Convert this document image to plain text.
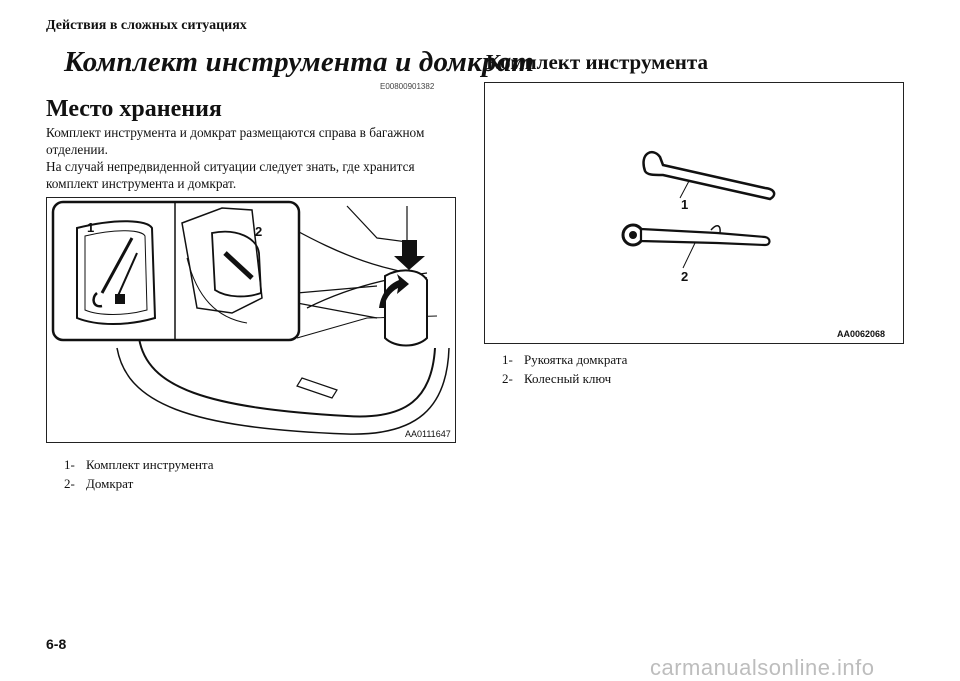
Действия в сложных ситуациях
Комплект инструмента и домкрат
E00800901382
Место хранения
Комплект инструмента и домкрат размещаются справа в багажном отделении.
На случай непредвиденной ситуации следует знать, где хранится комплект инструмента и домкрат.
1	2
AA0111647
1- Комплект инструмента
2- Домкрат
Комплект инструмента
1
2
AA0062068
1- Рукоятка домкрата
2- Колесный ключ
6-8
carmanualsonline.info
